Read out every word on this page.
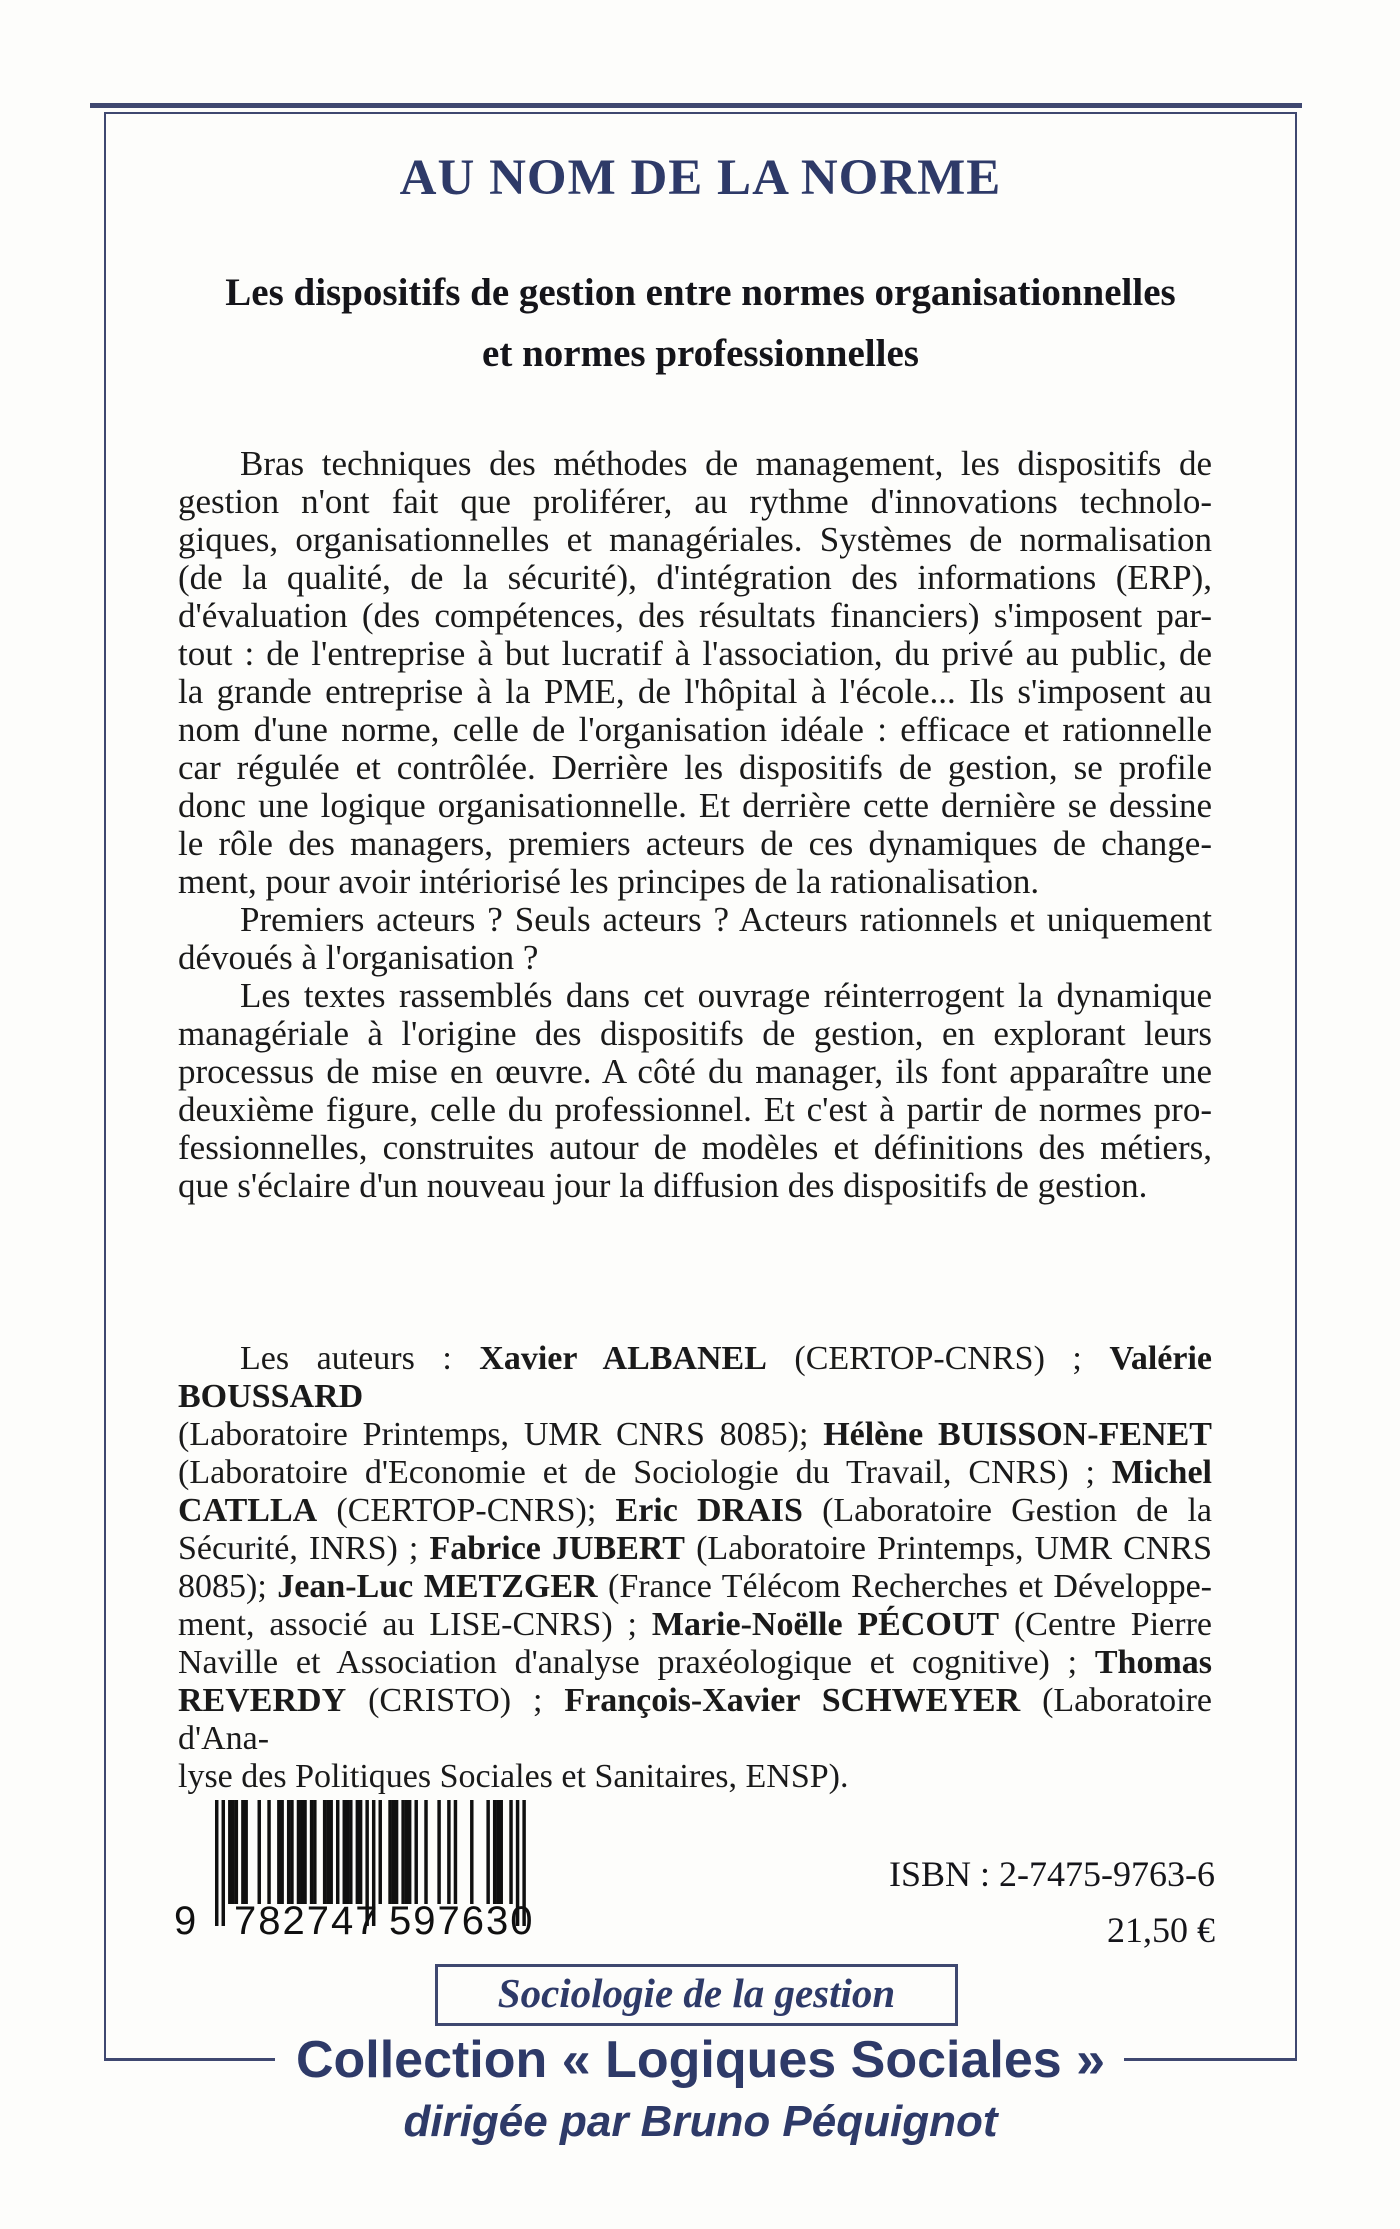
AU NOM DE LA NORME
Les dispositifs de gestion entre normes organisationnelles
et normes professionnelles
Bras techniques des méthodes de management, les dispositifs de
gestion n'ont fait que proliférer, au rythme d'innovations technolo-
giques, organisationnelles et managériales. Systèmes de normalisation
(de la qualité, de la sécurité), d'intégration des informations (ERP),
d'évaluation (des compétences, des résultats financiers) s'imposent par-
tout : de l'entreprise à but lucratif à l'association, du privé au public, de
la grande entreprise à la PME, de l'hôpital à l'école... Ils s'imposent au
nom d'une norme, celle de l'organisation idéale : efficace et rationnelle
car régulée et contrôlée. Derrière les dispositifs de gestion, se profile
donc une logique organisationnelle. Et derrière cette dernière se dessine
le rôle des managers, premiers acteurs de ces dynamiques de change-
ment, pour avoir intériorisé les principes de la rationalisation.
Premiers acteurs ? Seuls acteurs ? Acteurs rationnels et uniquement
dévoués à l'organisation ?
Les textes rassemblés dans cet ouvrage réinterrogent la dynamique
managériale à l'origine des dispositifs de gestion, en explorant leurs
processus de mise en œuvre. A côté du manager, ils font apparaître une
deuxième figure, celle du professionnel. Et c'est à partir de normes pro-
fessionnelles, construites autour de modèles et définitions des métiers,
que s'éclaire d'un nouveau jour la diffusion des dispositifs de gestion.
Les auteurs : Xavier ALBANEL (CERTOP-CNRS) ; Valérie BOUSSARD
(Laboratoire Printemps, UMR CNRS 8085); Hélène BUISSON-FENET
(Laboratoire d'Economie et de Sociologie du Travail, CNRS) ; Michel
CATLLA (CERTOP-CNRS); Eric DRAIS (Laboratoire Gestion de la
Sécurité, INRS) ; Fabrice JUBERT (Laboratoire Printemps, UMR CNRS
8085); Jean-Luc METZGER (France Télécom Recherches et Développe-
ment, associé au LISE-CNRS) ; Marie-Noëlle PÉCOUT (Centre Pierre
Naville et Association d'analyse praxéologique et cognitive) ; Thomas
REVERDY (CRISTO) ; François-Xavier SCHWEYER (Laboratoire d'Ana-
lyse des Politiques Sociales et Sanitaires, ENSP).
9 782747 597630
ISBN : 2-7475-9763-6
21,50 €
Sociologie de la gestion
Collection « Logiques Sociales »
dirigée par Bruno Péquignot
